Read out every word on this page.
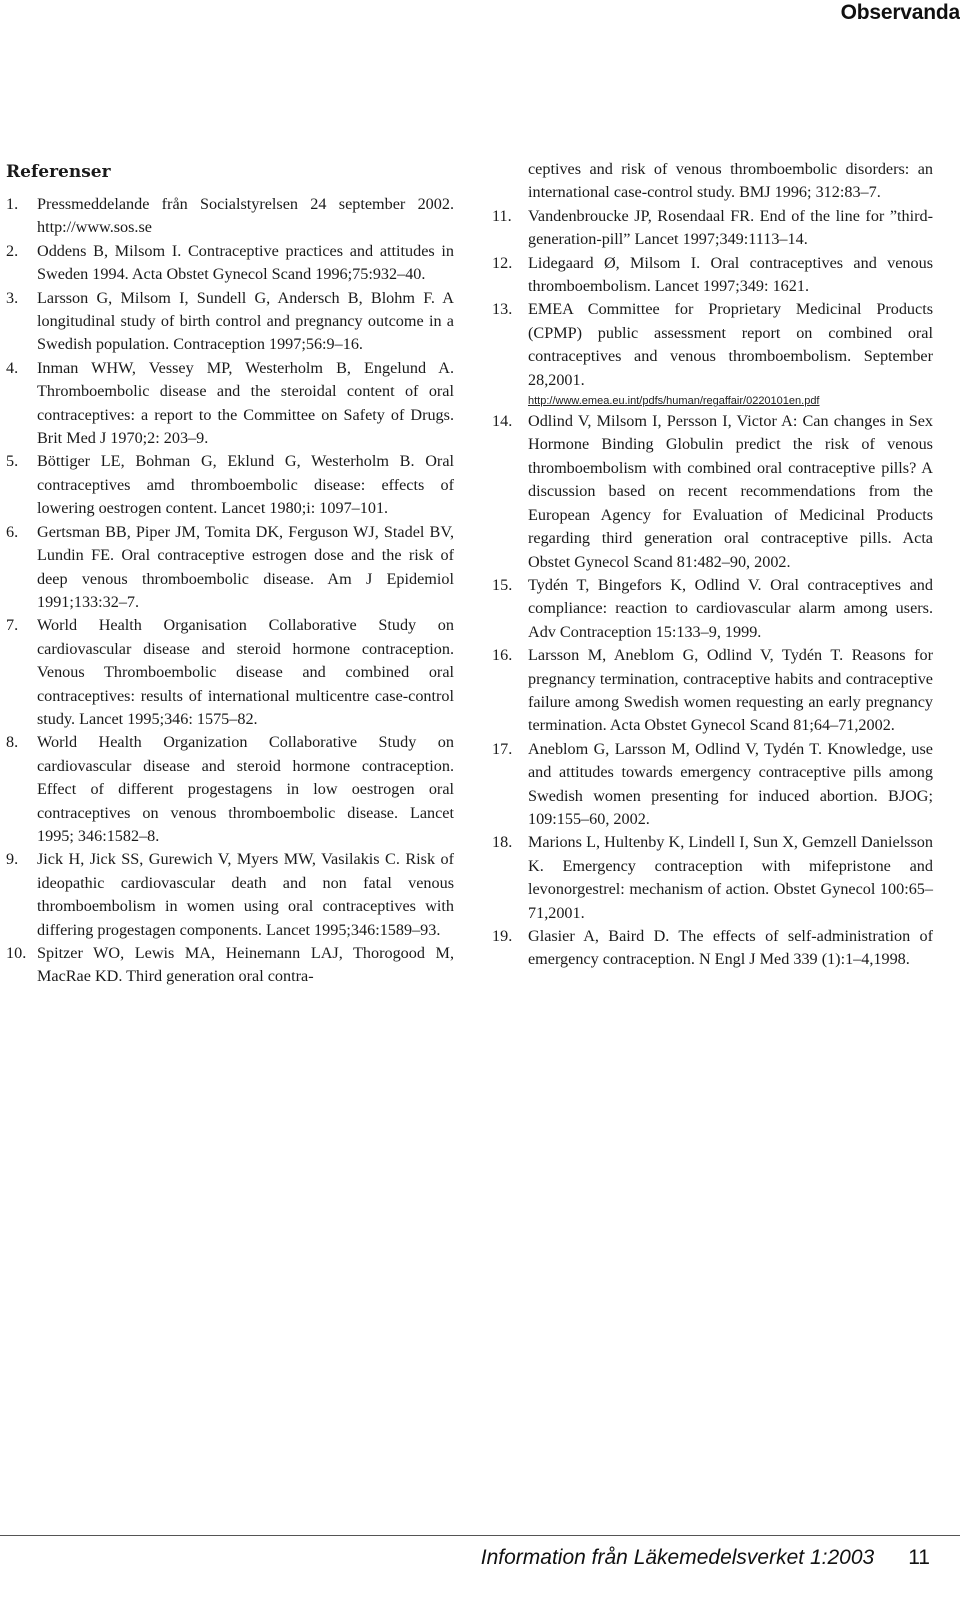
Observanda
Referenser
1.	Pressmeddelande från Socialstyrelsen 24 september 2002. http://www.sos.se
2.	Oddens B, Milsom I. Contraceptive practices and attitudes in Sweden 1994. Acta Obstet Gynecol Scand 1996;75:932–40.
3.	Larsson G, Milsom I, Sundell G, Andersch B, Blohm F. A longitudinal study of birth control and pregnancy outcome in a Swedish population. Contraception 1997;56:9–16.
4.	Inman WHW, Vessey MP, Westerholm B, Engelund A. Thromboembolic disease and the steroidal content of oral contraceptives: a report to the Committee on Safety of Drugs. Brit Med J 1970;2: 203–9.
5.	Böttiger LE, Bohman G, Eklund G, Westerholm B. Oral contraceptives amd thromboembolic disease: effects of lowering oestrogen content. Lancet 1980;i: 1097–101.
6.	Gertsman BB, Piper JM, Tomita DK, Ferguson WJ, Stadel BV, Lundin FE. Oral contraceptive estrogen dose and the risk of deep venous thromboembolic disease. Am J Epidemiol 1991;133:32–7.
7.	World Health Organisation Collaborative Study on cardiovascular disease and steroid hormone contraception. Venous Thromboembolic disease and combined oral contraceptives: results of international multicentre case-control study. Lancet 1995;346: 1575–82.
8.	World Health Organization Collaborative Study on cardiovascular disease and steroid hormone contraception. Effect of different progestagens in low oestrogen oral contraceptives on venous thromboembolic disease. Lancet 1995; 346:1582–8.
9.	Jick H, Jick SS, Gurewich V, Myers MW, Vasilakis C. Risk of ideopathic cardiovascular death and non fatal venous thromboembolism in women using oral contraceptives with differing progestagen components. Lancet 1995;346:1589–93.
10. Spitzer WO, Lewis MA, Heinemann LAJ, Thorogood M, MacRae KD. Third generation oral contra-
ceptives and risk of venous thromboembolic disorders: an international case-control study. BMJ 1996; 312:83–7.
11.	Vandenbroucke JP, Rosendaal FR. End of the line for ”third-generation-pill” Lancet 1997;349:1113–14.
12. Lidegaard Ø, Milsom I. Oral contraceptives and venous thromboembolism. Lancet 1997;349: 1621.
13. EMEA Committee for Proprietary Medicinal Products (CPMP) public assessment report on combined oral contraceptives and venous thromboembolism. September 28,2001.
http://www.emea.eu.int/pdfs/human/regaffair/0220101en.pdf
14. Odlind V, Milsom I, Persson I, Victor A: Can changes in Sex Hormone Binding Globulin predict the risk of venous thromboembolism with combined oral contraceptive pills? A discussion based on recent recommendations from the European Agency for Evaluation of Medicinal Products regarding third generation oral contraceptive pills. Acta Obstet Gynecol Scand 81:482–90, 2002.
15. Tydén T, Bingefors K, Odlind V. Oral contraceptives and compliance: reaction to cardiovascular alarm among users. Adv Contraception 15:133–9, 1999.
16. Larsson M, Aneblom G, Odlind V, Tydén T. Reasons for pregnancy termination, contraceptive habits and contraceptive failure among Swedish women requesting an early pregnancy termination. Acta Obstet Gynecol Scand 81;64–71,2002.
17. Aneblom G, Larsson M, Odlind V, Tydén T. Knowledge, use and attitudes towards emergency contraceptive pills among Swedish women presenting for induced abortion. BJOG; 109:155–60, 2002.
18. Marions L, Hultenby K, Lindell I, Sun X, Gemzell Danielsson K. Emergency contraception with mifepristone and levonorgestrel: mechanism of action. Obstet Gynecol 100:65–71,2001.
19. Glasier A, Baird D. The effects of self-administration of emergency contraception. N Engl J Med 339 (1):1–4,1998.
Information från Läkemedelsverket 1:2003 11
